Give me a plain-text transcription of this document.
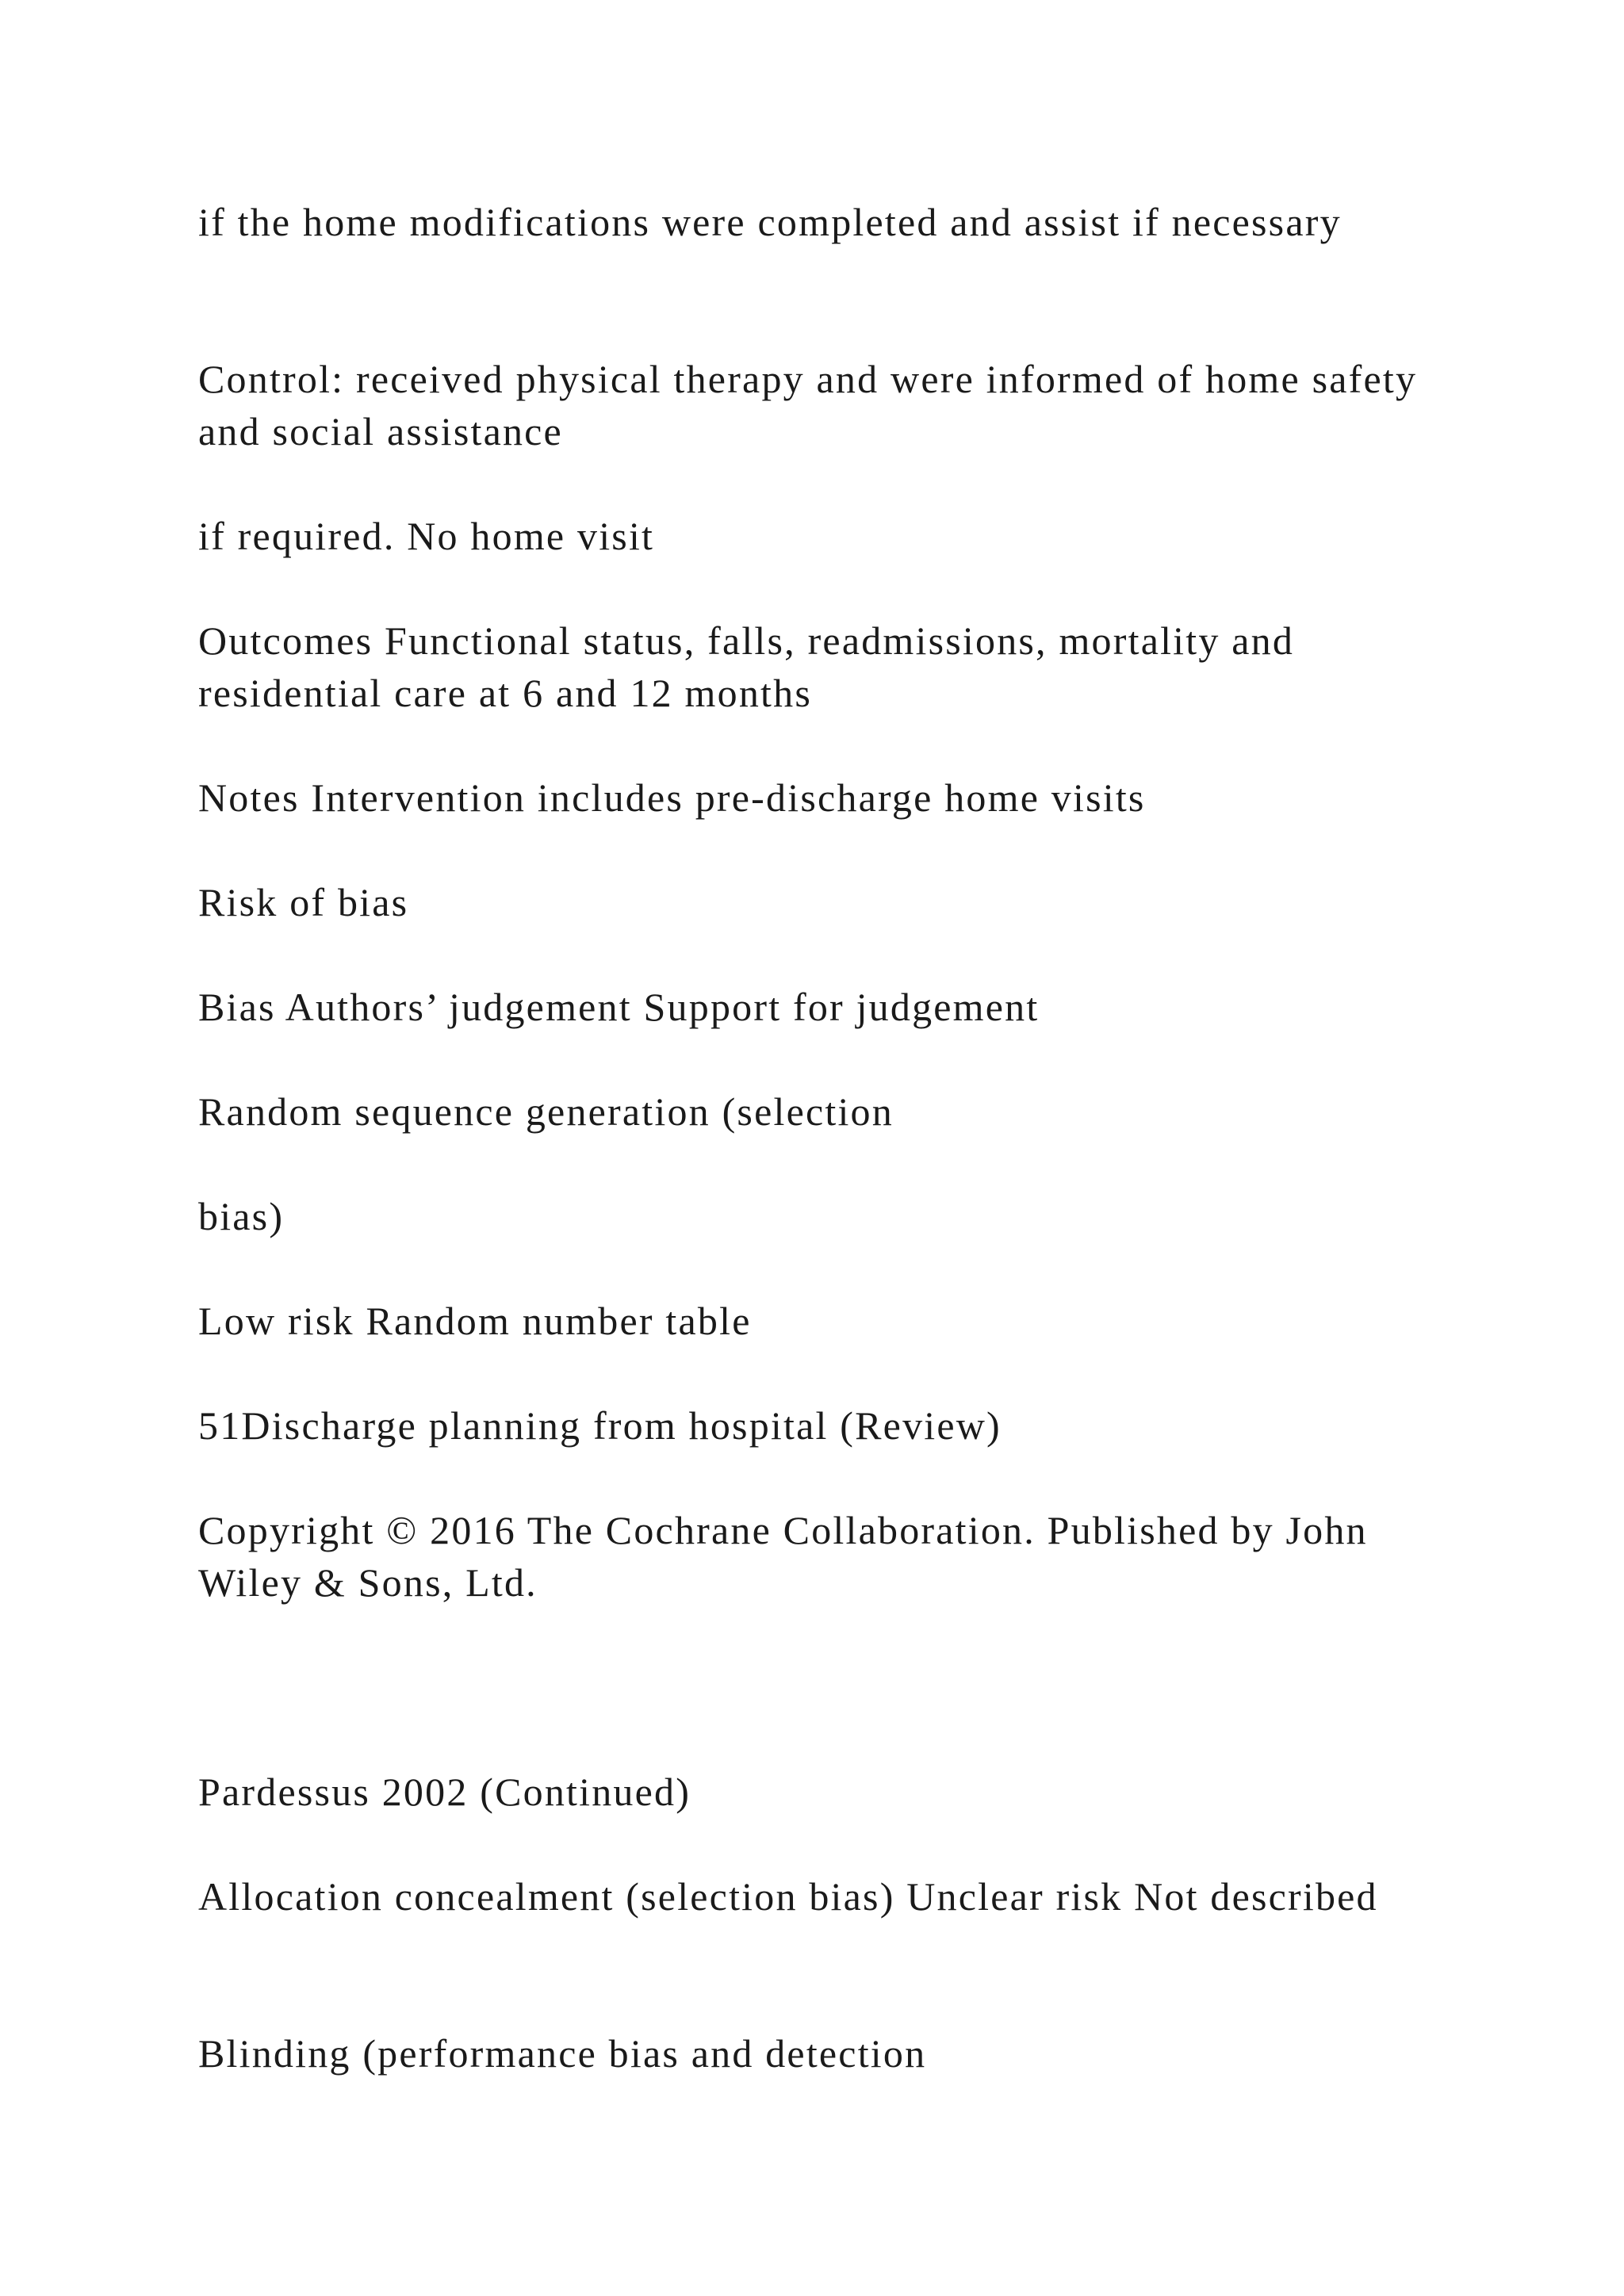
if the home modifications were completed and assist if necessary

Control: received physical therapy and were informed of home safety and social assistance

if required. No home visit

Outcomes Functional status, falls, readmissions, mortality and residential care at 6 and 12 months

Notes Intervention includes pre-discharge home visits

Risk of bias

Bias Authors’ judgement Support for judgement

Random sequence generation (selection

bias)

Low risk Random number table

51Discharge planning from hospital (Review)

Copyright © 2016 The Cochrane Collaboration. Published by John Wiley & Sons, Ltd.

Pardessus 2002 (Continued)

Allocation concealment (selection bias) Unclear risk Not described

Blinding (performance bias and detection
